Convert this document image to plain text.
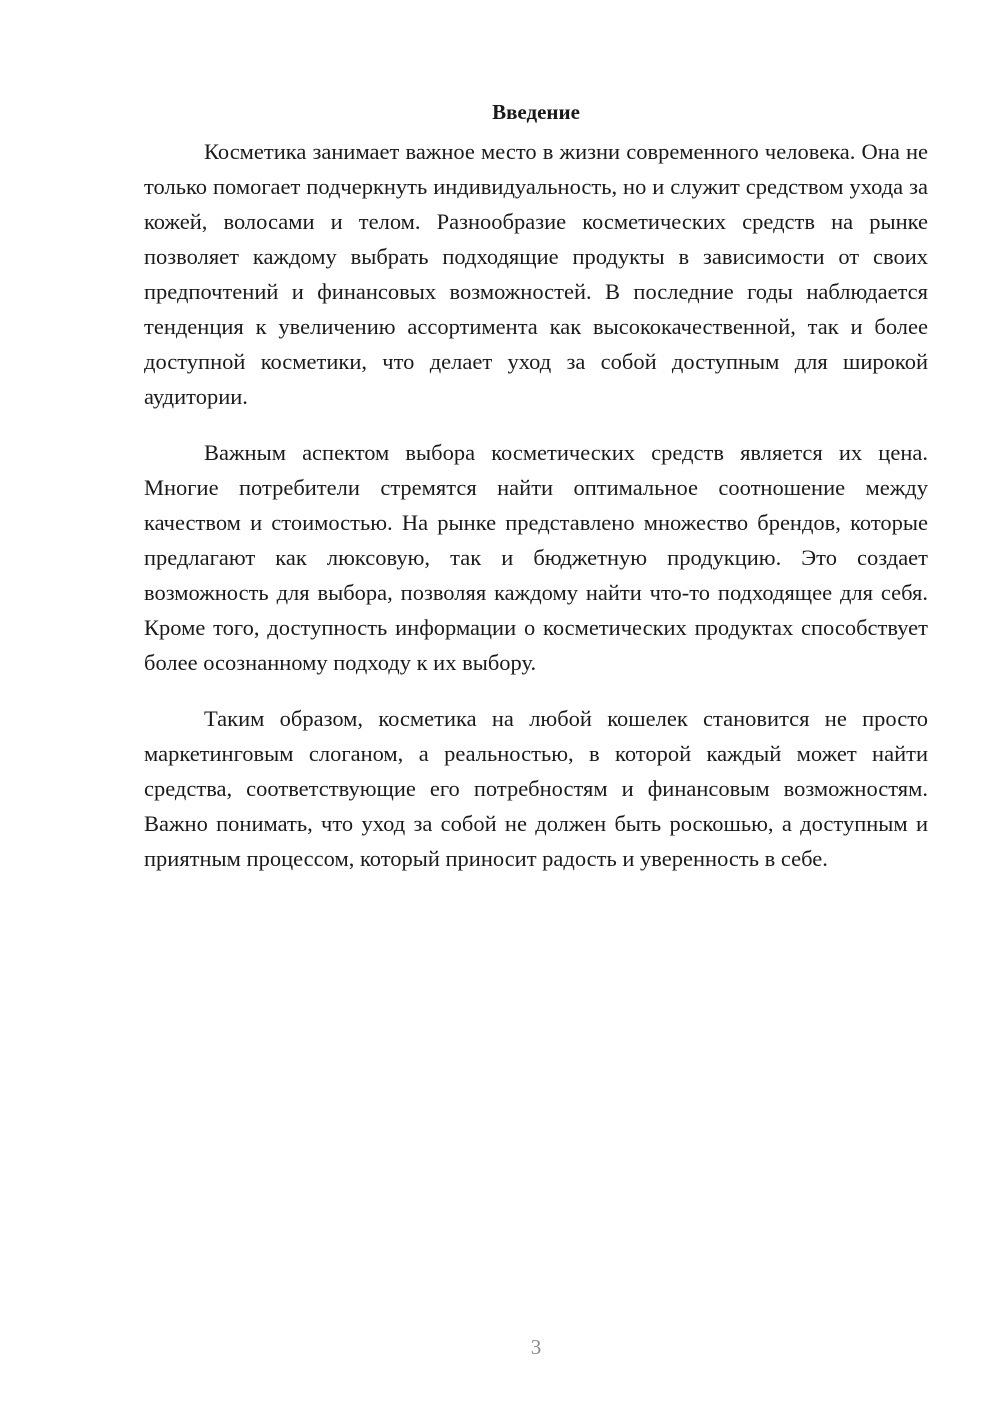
Введение

Косметика занимает важное место в жизни современного человека. Она не только помогает подчеркнуть индивидуальность, но и служит средством ухода за кожей, волосами и телом. Разнообразие косметических средств на рынке позволяет каждому выбрать подходящие продукты в зависимости от своих предпочтений и финансовых возможностей. В последние годы наблюдается тенденция к увеличению ассортимента как высококачественной, так и более доступной косметики, что делает уход за собой доступным для широкой аудитории.

Важным аспектом выбора косметических средств является их цена. Многие потребители стремятся найти оптимальное соотношение между качеством и стоимостью. На рынке представлено множество брендов, которые предлагают как люксовую, так и бюджетную продукцию. Это создает возможность для выбора, позволяя каждому найти что-то подходящее для себя. Кроме того, доступность информации о косметических продуктах способствует более осознанному подходу к их выбору.

Таким образом, косметика на любой кошелек становится не просто маркетинговым слоганом, а реальностью, в которой каждый может найти средства, соответствующие его потребностям и финансовым возможностям. Важно понимать, что уход за собой не должен быть роскошью, а доступным и приятным процессом, который приносит радость и уверенность в себе.

3
